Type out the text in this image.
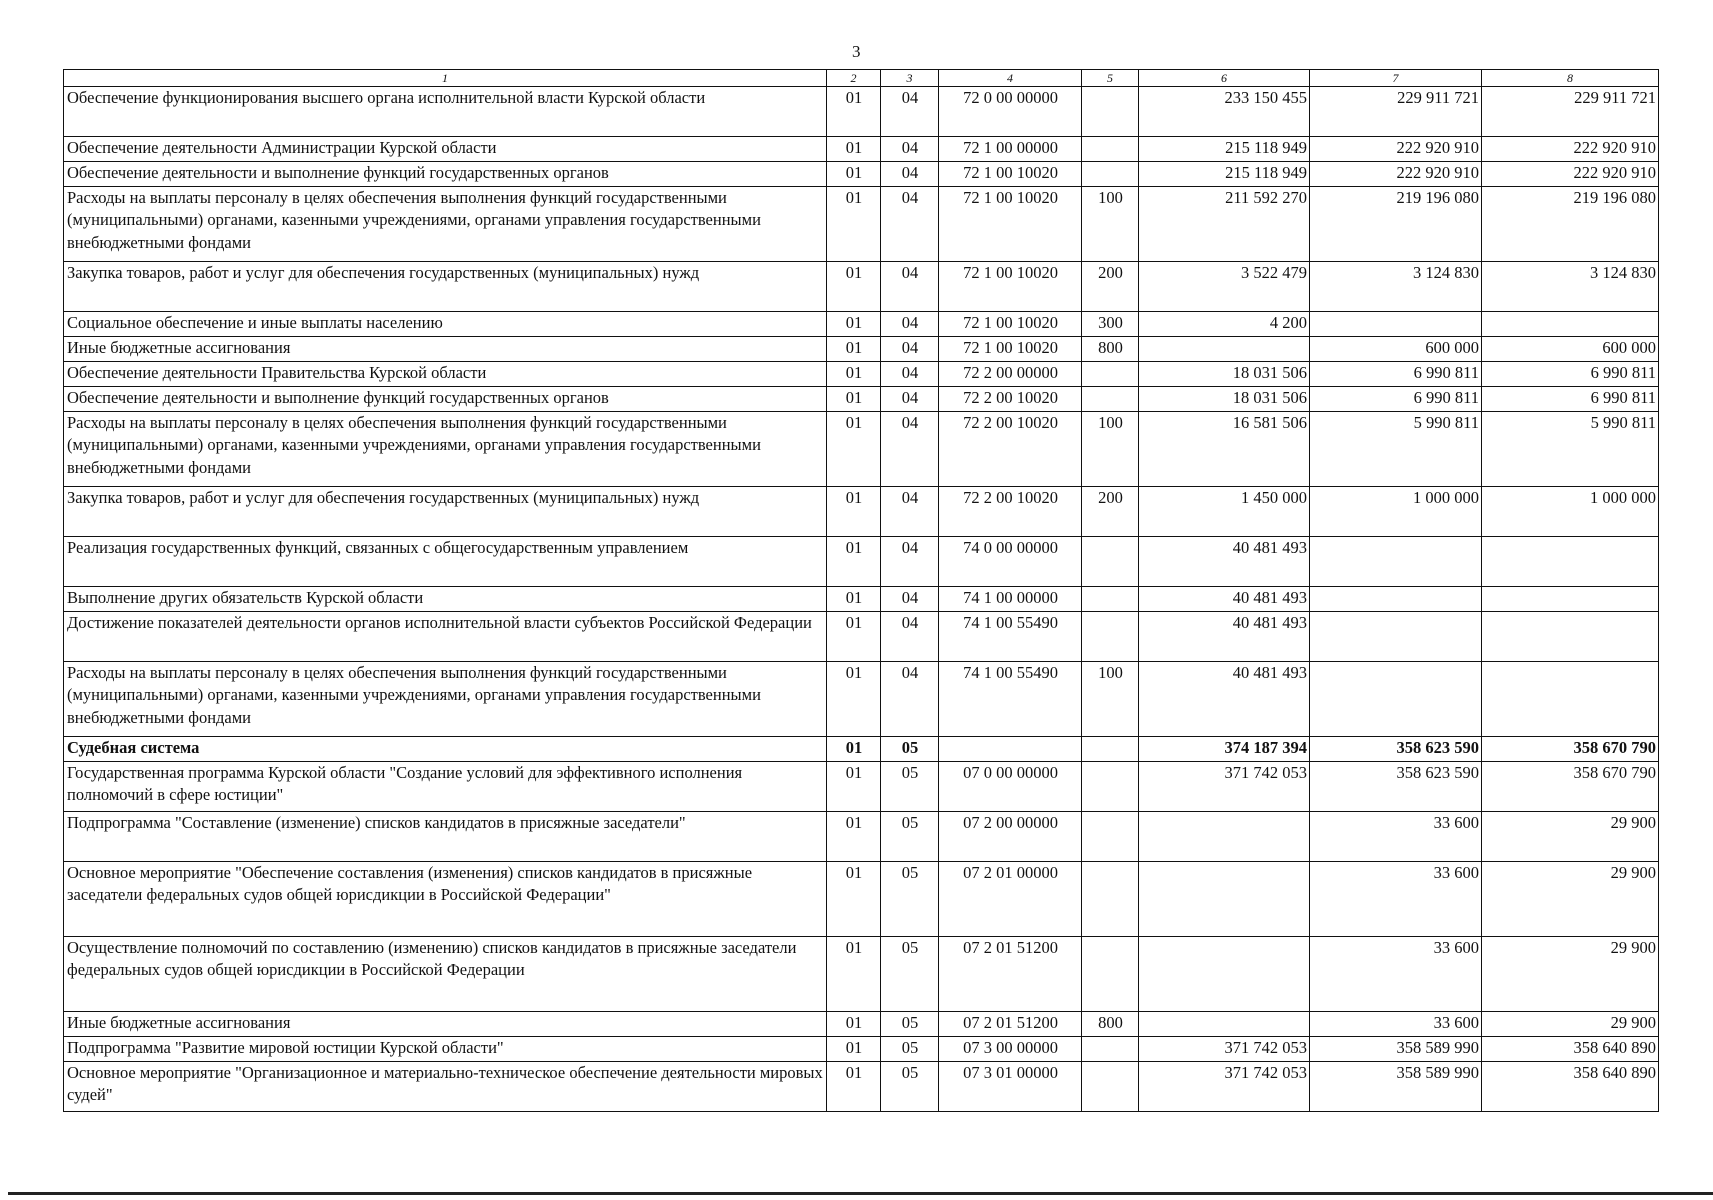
3
1	2	3	4	5	6	7	8
Обеспечение функционирования высшего органа исполнительной власти Курской области	01	04	72 0 00 00000		233 150 455	229 911 721	229 911 721
Обеспечение деятельности Администрации Курской области	01	04	72 1 00 00000		215 118 949	222 920 910	222 920 910
Обеспечение деятельности и выполнение функций государственных органов	01	04	72 1 00 10020		215 118 949	222 920 910	222 920 910
Расходы на выплаты персоналу в целях обеспечения выполнения функций государственными (муниципальными) органами, казенными учреждениями, органами управления государственными внебюджетными фондами	01	04	72 1 00 10020	100	211 592 270	219 196 080	219 196 080
Закупка товаров, работ и услуг для обеспечения государственных (муниципальных) нужд	01	04	72 1 00 10020	200	3 522 479	3 124 830	3 124 830
Социальное обеспечение и иные выплаты населению	01	04	72 1 00 10020	300	4 200		
Иные бюджетные ассигнования	01	04	72 1 00 10020	800		600 000	600 000
Обеспечение деятельности Правительства Курской области	01	04	72 2 00 00000		18 031 506	6 990 811	6 990 811
Обеспечение деятельности и выполнение функций государственных органов	01	04	72 2 00 10020		18 031 506	6 990 811	6 990 811
Расходы на выплаты персоналу в целях обеспечения выполнения функций государственными (муниципальными) органами, казенными учреждениями, органами управления государственными внебюджетными фондами	01	04	72 2 00 10020	100	16 581 506	5 990 811	5 990 811
Закупка товаров, работ и услуг для обеспечения государственных (муниципальных) нужд	01	04	72 2 00 10020	200	1 450 000	1 000 000	1 000 000
Реализация государственных функций, связанных с общегосударственным управлением	01	04	74 0 00 00000		40 481 493		
Выполнение других обязательств Курской области	01	04	74 1 00 00000		40 481 493		
Достижение показателей деятельности органов исполнительной власти субъектов Российской Федерации	01	04	74 1 00 55490		40 481 493		
Расходы на выплаты персоналу в целях обеспечения выполнения функций государственными (муниципальными) органами, казенными учреждениями, органами управления государственными внебюджетными фондами	01	04	74 1 00 55490	100	40 481 493		
Судебная система	01	05			374 187 394	358 623 590	358 670 790
Государственная программа Курской области "Создание условий для эффективного исполнения полномочий в сфере юстиции"	01	05	07 0 00 00000		371 742 053	358 623 590	358 670 790
Подпрограмма "Составление (изменение) списков кандидатов в присяжные заседатели"	01	05	07 2 00 00000			33 600	29 900
Основное мероприятие "Обеспечение составления (изменения) списков кандидатов в присяжные заседатели федеральных судов общей юрисдикции в Российской Федерации"	01	05	07 2 01 00000			33 600	29 900
Осуществление полномочий по составлению (изменению) списков кандидатов в присяжные заседатели федеральных судов общей юрисдикции в Российской Федерации	01	05	07 2 01 51200			33 600	29 900
Иные бюджетные ассигнования	01	05	07 2 01 51200	800		33 600	29 900
Подпрограмма "Развитие мировой юстиции Курской области"	01	05	07 3 00 00000		371 742 053	358 589 990	358 640 890
Основное мероприятие "Организационное и материально-техническое обеспечение деятельности мировых судей"	01	05	07 3 01 00000		371 742 053	358 589 990	358 640 890
